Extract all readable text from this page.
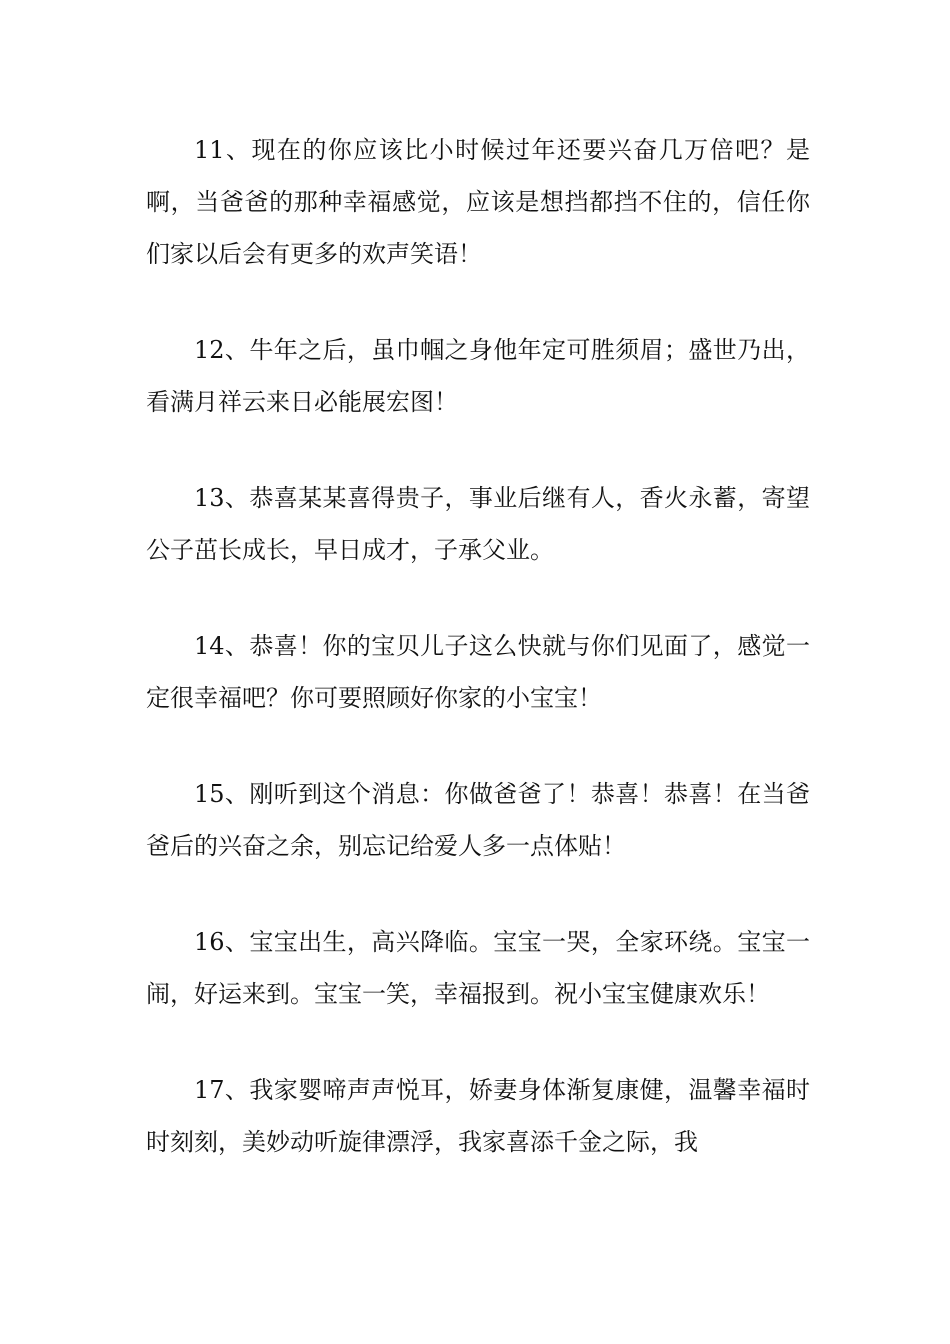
11、现在的你应该比小时候过年还要兴奋几万倍吧？是啊，当爸爸的那种幸福感觉，应该是想挡都挡不住的，信任你们家以后会有更多的欢声笑语！

12、牛年之后，虽巾帼之身他年定可胜须眉；盛世乃出，看满月祥云来日必能展宏图！

13、恭喜某某喜得贵子，事业后继有人，香火永蓄，寄望公子茁长成长，早日成才，子承父业。

14、恭喜！你的宝贝儿子这么快就与你们见面了，感觉一定很幸福吧？你可要照顾好你家的小宝宝！

15、刚听到这个消息：你做爸爸了！恭喜！恭喜！在当爸爸后的兴奋之余，别忘记给爱人多一点体贴！

16、宝宝出生，高兴降临。宝宝一哭，全家环绕。宝宝一闹，好运来到。宝宝一笑，幸福报到。祝小宝宝健康欢乐！

17、我家婴啼声声悦耳，娇妻身体渐复康健，温馨幸福时时刻刻，美妙动听旋律漂浮，我家喜添千金之际，我
